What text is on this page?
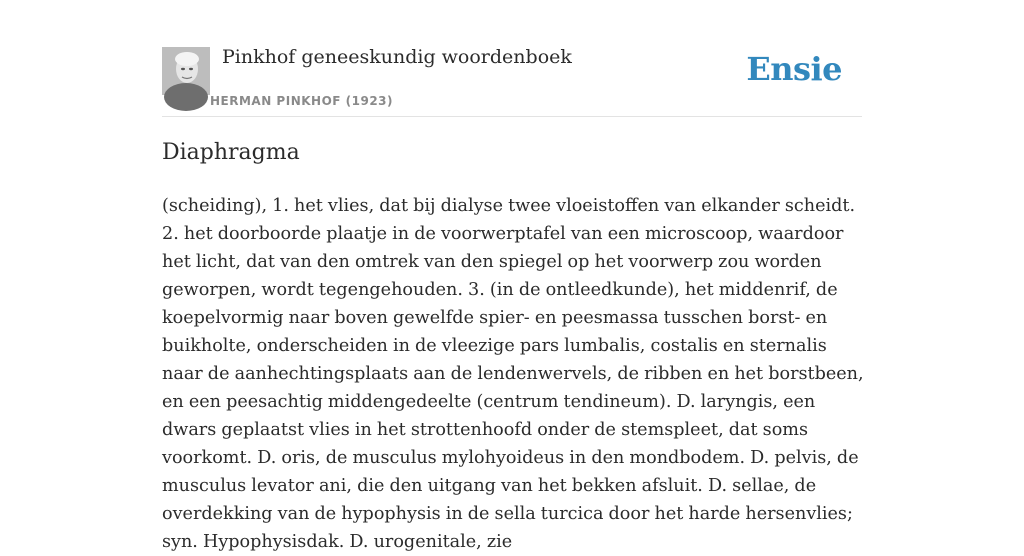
Pinkhof geneeskundig woordenboek
HERMAN PINKHOF (1923)
Ensie
Diaphragma

(scheiding), 1. het vlies, dat bij dialyse twee vloeistoffen van elkander scheidt. 2. het doorboorde plaatje in de voorwerptafel van een microscoop, waardoor het licht, dat van den omtrek van den spiegel op het voorwerp zou worden geworpen, wordt tegengehouden. 3. (in de ontleedkunde), het middenrif, de koepelvormig naar boven gewelfde spier- en peesmassa tusschen borst- en buikholte, onderscheiden in de vleezige pars lumbalis, costalis en sternalis naar de aanhechtingsplaats aan de lendenwervels, de ribben en het borstbeen, en een peesachtig middengedeelte (centrum tendineum). D. laryngis, een dwars geplaatst vlies in het strottenhoofd onder de stemspleet, dat soms voorkomt. D. oris, de musculus mylohyoideus in den mondbodem. D. pelvis, de musculus levator ani, die den uitgang van het bekken afsluit. D. sellae, de overdekking van de hypophysis in de sella turcica door het harde hersenvlies; syn. Hypophysisdak. D. urogenitale, zie
